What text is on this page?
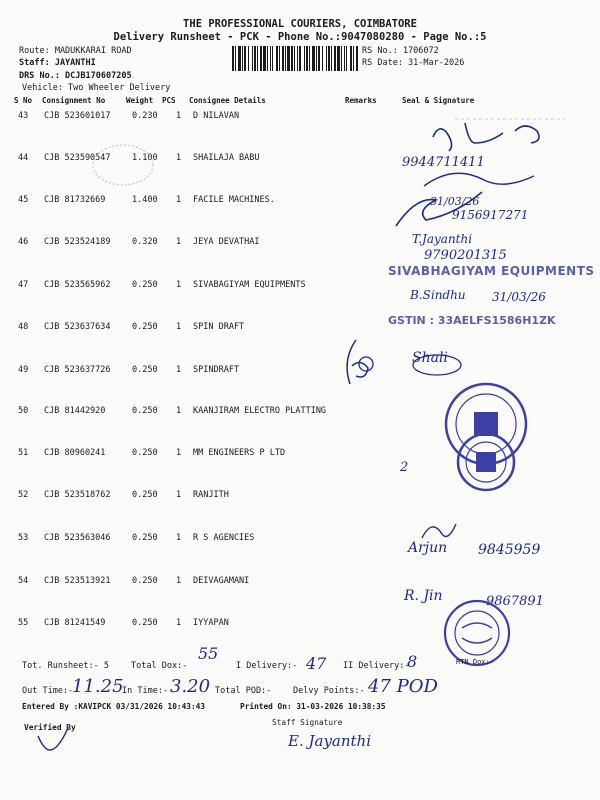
THE PROFESSIONAL COURIERS, COIMBATORE
Delivery Runsheet - PCK - Phone No.:9047080280 - Page No.:5
Route: MADUKKARAI ROAD
Staff: JAYANTHI
DRS No.: DCJB170607205
Vehicle: Two Wheeler Delivery
RS No.: 1706072
RS Date: 31-Mar-2026
S No Consignment No	Weight PCS Consignee Details	Remarks	Seal & Signature
43 CJB 523601017	0.230 1 D NILAVAN
44 CJB 523590547	1.100 1 SHAILAJA BABU
45 CJB 81732669	1.400 1 FACILE MACHINES.
46 CJB 523524189	0.320 1 JEYA DEVATHAI
47 CJB 523565962	0.250 1 SIVABAGIYAM EQUIPMENTS
48 CJB 523637634	0.250 1 SPIN DRAFT
49 CJB 523637726	0.250 1 SPINDRAFT
50 CJB 81442920	0.250 1 KAANJIRAM ELECTRO PLATTING
51 CJB 80960241	0.250 1 MM ENGINEERS P LTD
52 CJB 523518762	0.250 1 RANJITH
53 CJB 523563046	0.250 1 R S AGENCIES
54 CJB 523513921	0.250 1 DEIVAGAMANI
55 CJB 81241549	0.250 1 IYYAPAN
9944711411
31/03/26
9156917271
T.Jayanthi
9790201315
SIVABHAGIYAM EQUIPMENTS
B.Sindhu 31/03/26
GSTIN : 33AELFS1586H1ZK
Shali
2
Arjun 9845959
R. Jin	9867891
Tot. Runsheet:- 5	Total Dox:-
55
I Delivery:- 47 II Delivery:-
8	RTN Dox:-
Out Time:-
11.25
In Time:- 3.20 Total POD:-	Delvy Points:- 47 POD
Entered By :KAVIPCK 03/31/2026 10:43:43	Printed On: 31-03-2026 10:38:35
Verified By
Staff Signature
E. Jayanthi
